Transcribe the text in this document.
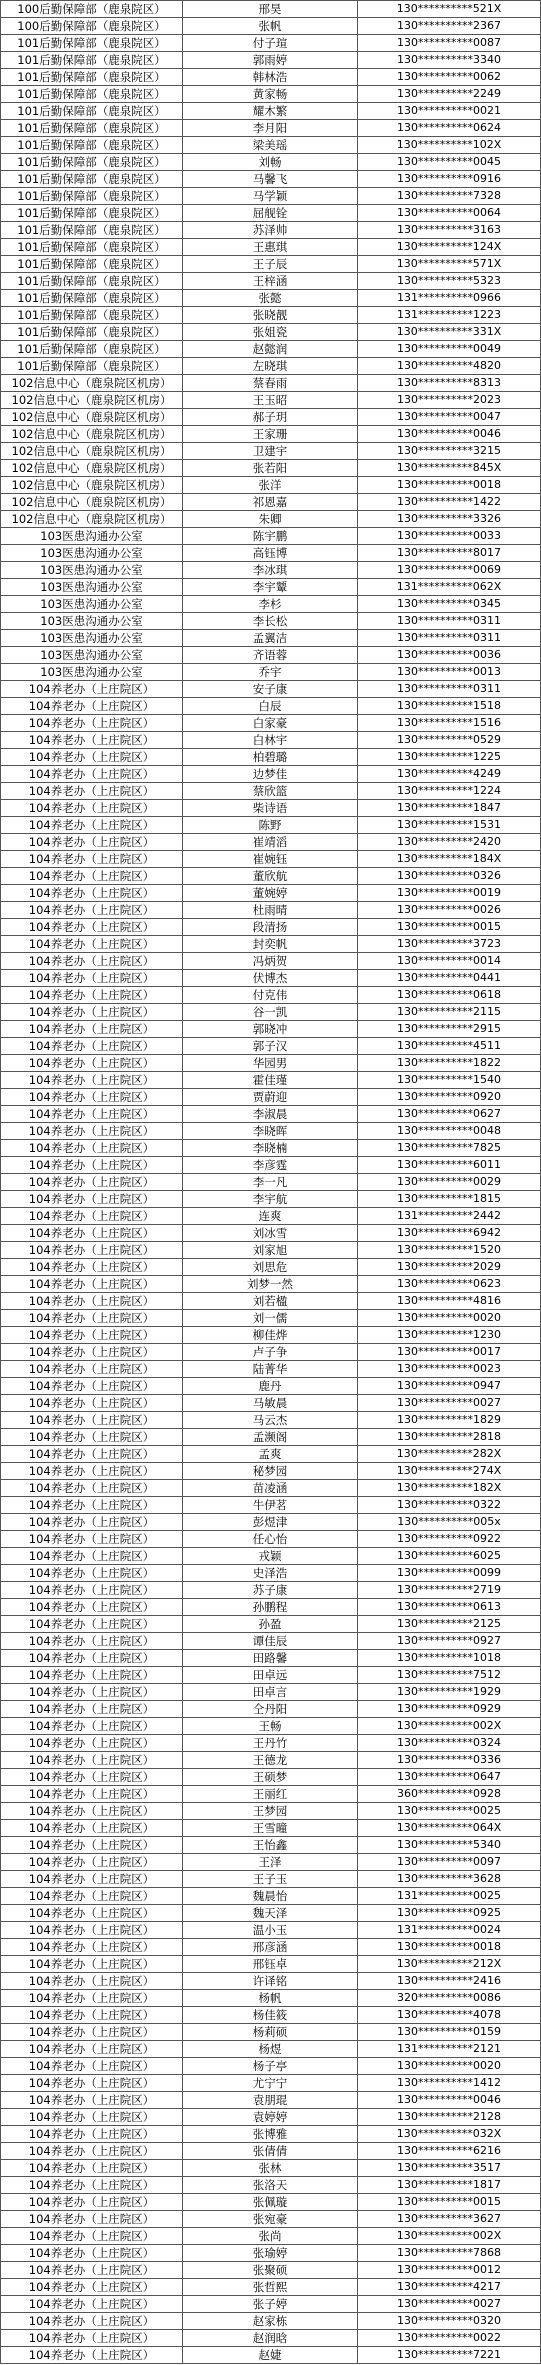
100后勤保障部（鹿泉院区）	邢昊	130**********521X
100后勤保障部（鹿泉院区）	张帆	130**********2367
101后勤保障部（鹿泉院区）	付子瑄	130**********0087
101后勤保障部（鹿泉院区）	郭雨婷	130**********3340
101后勤保障部（鹿泉院区）	韩林浩	130**********0062
101后勤保障部（鹿泉院区）	黄家畅	130**********2249
101后勤保障部（鹿泉院区）	耀木繁	130**********0021
101后勤保障部（鹿泉院区）	李月阳	130**********0624
101后勤保障部（鹿泉院区）	梁美瑶	130**********102X
101后勤保障部（鹿泉院区）	刘畅	130**********0045
101后勤保障部（鹿泉院区）	马馨飞	130**********0916
101后勤保障部（鹿泉院区）	马学颖	130**********7328
101后勤保障部（鹿泉院区）	屈舰铨	130**********0064
101后勤保障部（鹿泉院区）	苏泽帅	130**********3163
101后勤保障部（鹿泉院区）	王惠琪	130**********124X
101后勤保障部（鹿泉院区）	王子辰	130**********571X
101后勤保障部（鹿泉院区）	王梓涵	130**********5323
101后勤保障部（鹿泉院区）	张懿	131**********0966
101后勤保障部（鹿泉院区）	张晓靓	131**********1223
101后勤保障部（鹿泉院区）	张姐瓷	130**********331X
101后勤保障部（鹿泉院区）	赵懿润	130**********0049
101后勤保障部（鹿泉院区）	左晓琪	130**********4820
102信息中心（鹿泉院区机房）	蔡春雨	130**********8313
102信息中心（鹿泉院区机房）	王玉昭	130**********2023
102信息中心（鹿泉院区机房）	郝子玥	130**********0047
102信息中心（鹿泉院区机房）	王家珊	130**********0046
102信息中心（鹿泉院区机房）	卫建宇	130**********3215
102信息中心（鹿泉院区机房）	张若阳	130**********845X
102信息中心（鹿泉院区机房）	张洋	130**********0018
102信息中心（鹿泉院区机房）	祁恩嘉	130**********1422
102信息中心（鹿泉院区机房）	朱卿	130**********3326
103医患沟通办公室	陈宇鹏	130**********0033
103医患沟通办公室	高钰博	130**********8017
103医患沟通办公室	李冰琪	130**********0069
103医患沟通办公室	李宇颦	131**********062X
103医患沟通办公室	李杉	130**********0345
103医患沟通办公室	李长松	130**********0311
103医患沟通办公室	孟翼洁	130**********0311
103医患沟通办公室	齐语蓉	130**********0036
103医患沟通办公室	乔宇	130**********0013
104养老办（上庄院区）	安子康	130**********0311
104养老办（上庄院区）	白辰	130**********1518
104养老办（上庄院区）	白家豪	130**********1516
104养老办（上庄院区）	白林宇	130**********0529
104养老办（上庄院区）	柏碧璐	130**********1225
104养老办（上庄院区）	边梦佳	130**********4249
104养老办（上庄院区）	蔡欣篮	130**********1224
104养老办（上庄院区）	柴诗语	130**********1847
104养老办（上庄院区）	陈野	130**********1531
104养老办（上庄院区）	崔靖滔	130**********2420
104养老办（上庄院区）	崔婉钰	130**********184X
104养老办（上庄院区）	董欣航	130**********0326
104养老办（上庄院区）	董婉婷	130**********0019
104养老办（上庄院区）	杜雨晴	130**********0026
104养老办（上庄院区）	段清扬	130**********0015
104养老办（上庄院区）	封奕帆	130**********3723
104养老办（上庄院区）	冯炳贺	130**********0014
104养老办（上庄院区）	伏博杰	130**********0441
104养老办（上庄院区）	付克伟	130**********0618
104养老办（上庄院区）	谷一凯	130**********2115
104养老办（上庄院区）	郭晓冲	130**********2915
104养老办（上庄院区）	郭子汉	130**********4511
104养老办（上庄院区）	华园男	130**********1822
104养老办（上庄院区）	霍佳瑾	130**********1540
104养老办（上庄院区）	贾蔚迎	130**********0920
104养老办（上庄院区）	李淑晨	130**********0627
104养老办（上庄院区）	李晓晖	130**********0048
104养老办（上庄院区）	李晓楠	130**********7825
104养老办（上庄院区）	李彦霆	130**********6011
104养老办（上庄院区）	李一凡	130**********0029
104养老办（上庄院区）	李宇航	130**********1815
104养老办（上庄院区）	连爽	131**********2442
104养老办（上庄院区）	刘冰雪	130**********6942
104养老办（上庄院区）	刘家旭	130**********1520
104养老办（上庄院区）	刘思危	130**********2029
104养老办（上庄院区）	刘梦一然	130**********0623
104养老办（上庄院区）	刘若楹	130**********4816
104养老办（上庄院区）	刘一儒	130**********0020
104养老办（上庄院区）	柳佳烨	130**********1230
104养老办（上庄院区）	卢子争	130**********0017
104养老办（上庄院区）	陆菁华	130**********0023
104养老办（上庄院区）	鹿丹	130**********0947
104养老办（上庄院区）	马敏晨	130**********0027
104养老办（上庄院区）	马云杰	130**********1829
104养老办（上庄院区）	孟濒阁	130**********2818
104养老办（上庄院区）	孟爽	130**********282X
104养老办（上庄院区）	秘梦园	130**********274X
104养老办（上庄院区）	苗凌涵	130**********182X
104养老办（上庄院区）	牛伊茗	130**********0322
104养老办（上庄院区）	彭煜津	130**********005x
104养老办（上庄院区）	任心怡	130**********0922
104养老办（上庄院区）	戎颖	130**********6025
104养老办（上庄院区）	史泽浩	130**********0099
104养老办（上庄院区）	苏子康	130**********2719
104养老办（上庄院区）	孙鹏程	130**********0613
104养老办（上庄院区）	孙盈	130**********2125
104养老办（上庄院区）	谭佳辰	130**********0927
104养老办（上庄院区）	田路馨	130**********1018
104养老办（上庄院区）	田卓远	130**********7512
104养老办（上庄院区）	田卓言	130**********1929
104养老办（上庄院区）	仝丹阳	130**********0929
104养老办（上庄院区）	王畅	130**********002X
104养老办（上庄院区）	王丹竹	130**********0324
104养老办（上庄院区）	王德龙	130**********0336
104养老办（上庄院区）	王硕梦	130**********0647
104养老办（上庄院区）	王丽红	360**********0928
104养老办（上庄院区）	王梦园	130**********0025
104养老办（上庄院区）	王雪曈	130**********064X
104养老办（上庄院区）	王怡鑫	130**********5340
104养老办（上庄院区）	王泽	130**********0097
104养老办（上庄院区）	王子玉	130**********3628
104养老办（上庄院区）	魏晨怡	131**********0025
104养老办（上庄院区）	魏天泽	130**********0925
104养老办（上庄院区）	温小玉	131**********0024
104养老办（上庄院区）	邢彦涵	130**********0018
104养老办（上庄院区）	邢钰卓	130**********212X
104养老办（上庄院区）	许译铭	130**********2416
104养老办（上庄院区）	杨帆	320**********0086
104养老办（上庄院区）	杨佳筱	130**********4078
104养老办（上庄院区）	杨莉硕	130**********0159
104养老办（上庄院区）	杨煜	131**********2121
104养老办（上庄院区）	杨子亭	130**********0020
104养老办（上庄院区）	尤宁宁	130**********1412
104养老办（上庄院区）	袁朋琨	130**********0046
104养老办（上庄院区）	袁婷婷	130**********2128
104养老办（上庄院区）	张博雅	130**********032X
104养老办（上庄院区）	张倩倩	130**********6216
104养老办（上庄院区）	张林	130**********3517
104养老办（上庄院区）	张洛天	130**********1817
104养老办（上庄院区）	张佩璇	130**********0015
104养老办（上庄院区）	张宛豪	130**********3627
104养老办（上庄院区）	张尚	130**********002X
104养老办（上庄院区）	张瑜婷	130**********7868
104养老办（上庄院区）	张聚硕	130**********0012
104养老办（上庄院区）	张哲熙	130**********4217
104养老办（上庄院区）	张子婷	130**********0027
104养老办（上庄院区）	赵家栋	130**********0320
104养老办（上庄院区）	赵润晗	130**********0022
104养老办（上庄院区）	赵婕	130**********7221
